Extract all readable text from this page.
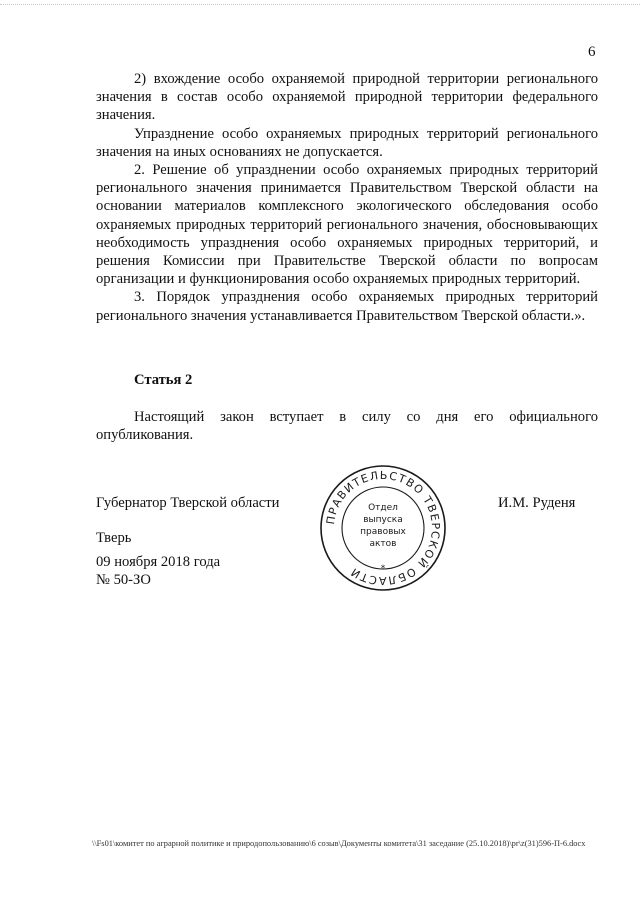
6

2) вхождение особо охраняемой природной территории регионального значения в состав особо охраняемой природной территории федерального значения.

Упразднение особо охраняемых природных территорий регионального значения на иных основаниях не допускается.

2. Решение об упразднении особо охраняемых природных территорий регионального значения принимается Правительством Тверской области на основании материалов комплексного экологического обследования особо охраняемых природных территорий регионального значения, обосновывающих необходимость упразднения особо охраняемых природных территорий, и решения Комиссии при Правительстве Тверской области по вопросам организации и функционирования особо охраняемых природных территорий.

3. Порядок упразднения особо охраняемых природных территорий регионального значения устанавливается Правительством Тверской области.».

Статья 2

Настоящий закон вступает в силу со дня его официального опубликования.

Губернатор Тверской области
ПРАВИТЕЛЬСТВО ТВЕРСКОЙ ОБЛАСТИ	*
Отдел
выпуска
правовых
актов
И.М. Руденя
Тверь
09 ноября 2018 года
№ 50-ЗО
\\Fs01\комитет по аграрной политике и природопользованию\6 созыв\Документы комитета\31 заседание (25.10.2018)\pr\z(31)596-П-6.docx
